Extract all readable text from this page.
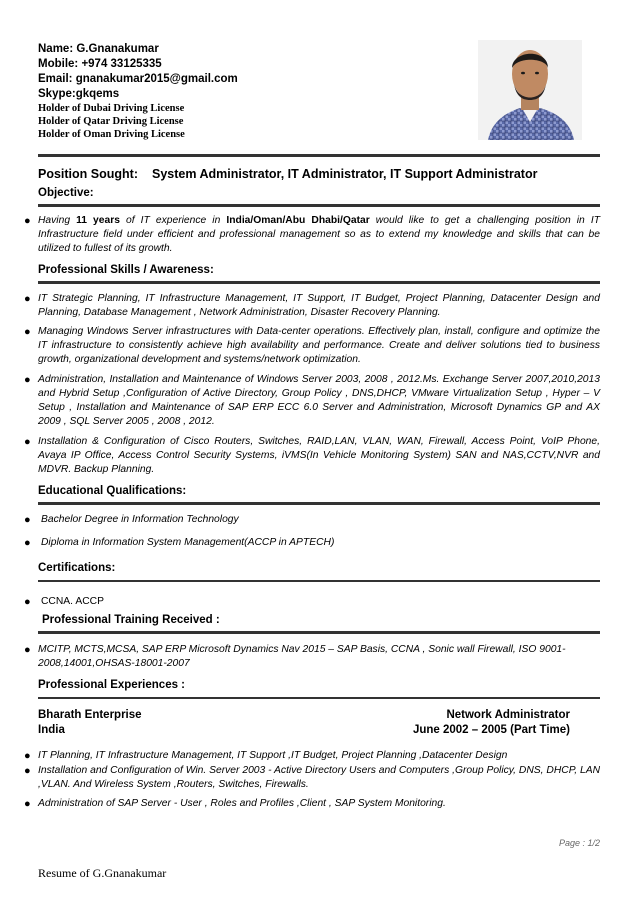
Name: G.Gnanakumar
Mobile: +974 33125335
Email: gnanakumar2015@gmail.com
Skype:gkqems
Holder of Dubai Driving License
Holder of Qatar Driving License
Holder of Oman Driving License
Position Sought: System Administrator, IT Administrator, IT Support Administrator
Objective:
● Having 11 years of IT experience in India/Oman/Abu Dhabi/Qatar would like to get a challenging position in IT Infrastructure field under efficient and professional management so as to extend my knowledge and skills that can be utilized to fullest of its growth.
Professional Skills / Awareness:
● IT Strategic Planning, IT Infrastructure Management, IT Support, IT Budget, Project Planning, Datacenter Design and Planning, Database Management , Network Administration, Disaster Recovery Planning.
● Managing Windows Server infrastructures with Data-center operations. Effectively plan, install, configure and optimize the IT infrastructure to consistently achieve high availability and performance. Create and deliver solutions tied to business growth, organizational development and systems/network optimization.
● Administration, Installation and Maintenance of Windows Server 2003, 2008 , 2012.Ms. Exchange Server 2007,2010,2013 and Hybrid Setup ,Configuration of Active Directory, Group Policy , DNS,DHCP, VMware Virtualization Setup , Hyper – V Setup , Installation and Maintenance of SAP ERP ECC 6.0 Server and Administration, Microsoft Dynamics GP and AX 2009 , SQL Server 2005 , 2008 , 2012.
● Installation & Configuration of Cisco Routers, Switches, RAID,LAN, VLAN, WAN, Firewall, Access Point, VoIP Phone, Avaya IP Office, Access Control Security Systems, iVMS(In Vehicle Monitoring System) SAN and NAS,CCTV,NVR and MDVR. Backup Planning.
Educational Qualifications:
● Bachelor Degree in Information Technology
● Diploma in Information System Management(ACCP in APTECH)
Certifications:
● CCNA. ACCP
Professional Training Received :
● MCITP, MCTS,MCSA, SAP ERP Microsoft Dynamics Nav 2015 – SAP Basis, CCNA , Sonic wall Firewall, ISO 9001-2008,14001,OHSAS-18001-2007
Professional Experiences :
Bharath Enterprise
India
Network Administrator
June 2002 – 2005 (Part Time)
● IT Planning, IT Infrastructure Management, IT Support ,IT Budget, Project Planning ,Datacenter Design
● Installation and Configuration of Win. Server 2003 - Active Directory Users and Computers ,Group Policy, DNS, DHCP, LAN ,VLAN. And Wireless System ,Routers, Switches, Firewalls.
● Administration of SAP Server - User , Roles and Profiles ,Client , SAP System Monitoring.
Page : 1/2
Resume of G.Gnanakumar
